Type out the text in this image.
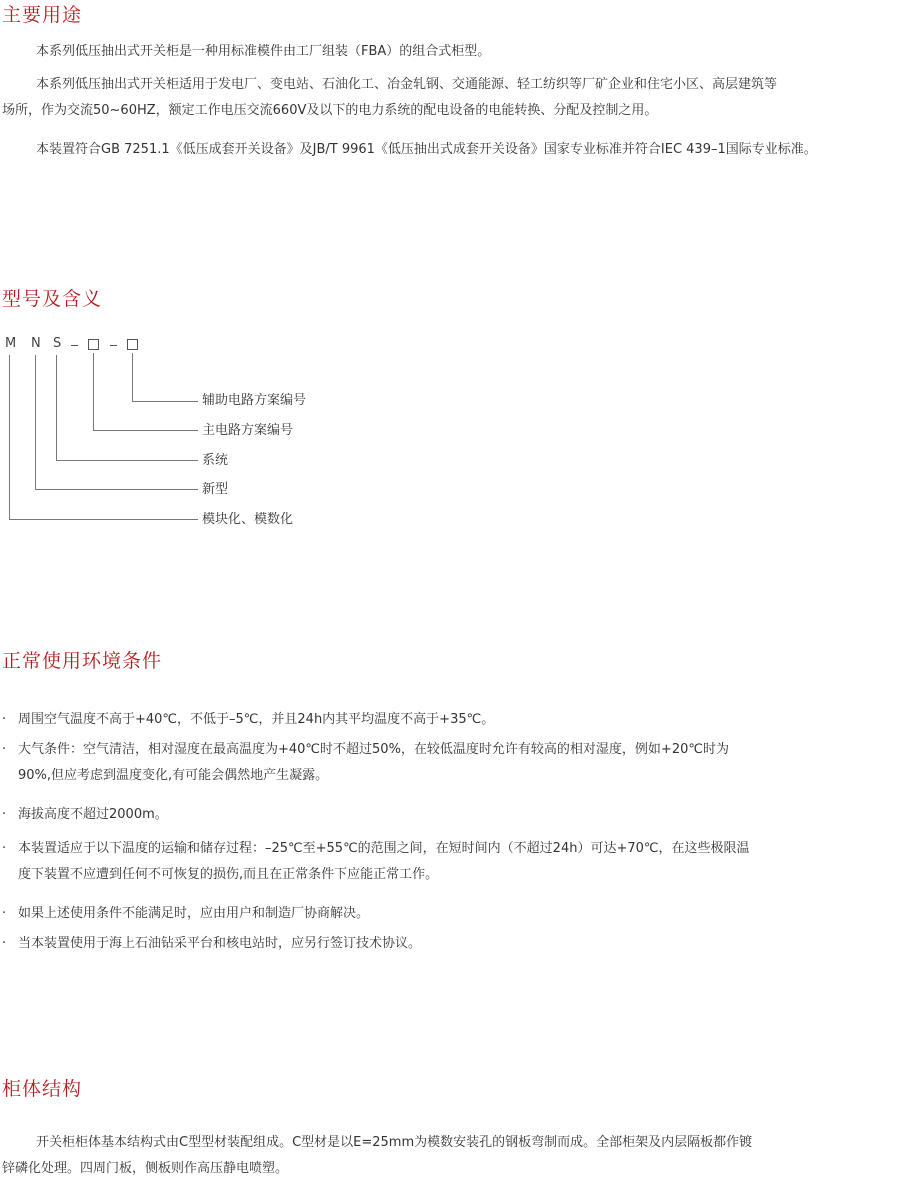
主要用途

本系列低压抽出式开关柜是一种用标准模件由工厂组装（FBA）的组合式柜型。

本系列低压抽出式开关柜适用于发电厂、变电站、石油化工、冶金轧钢、交通能源、轻工纺织等厂矿企业和住宅小区、高层建筑等
场所，作为交流50~60HZ，额定工作电压交流660V及以下的电力系统的配电设备的电能转换、分配及控制之用。

本装置符合GB 7251.1《低压成套开关设备》及JB/T 9961《低压抽出式成套开关设备》国家专业标准并符合IEC 439–1国际专业标准。

型号及含义
M N S
辅助电路方案编号
主电路方案编号
系统
新型
模块化、模数化
正常使用环境条件
· 周围空气温度不高于+40℃，不低于–5℃，并且24h内其平均温度不高于+35℃。
· 大气条件：空气清洁，相对湿度在最高温度为+40℃时不超过50%，在较低温度时允许有较高的相对湿度，例如+20℃时为
90%,但应考虑到温度变化,有可能会偶然地产生凝露。
· 海拔高度不超过2000m。
· 本装置适应于以下温度的运输和储存过程：–25℃至+55℃的范围之间，在短时间内（不超过24h）可达+70℃，在这些极限温
度下装置不应遭到任何不可恢复的损伤,而且在正常条件下应能正常工作。
· 如果上述使用条件不能满足时，应由用户和制造厂协商解决。
· 当本装置使用于海上石油钻采平台和核电站时，应另行签订技术协议。
柜体结构
开关柜柜体基本结构式由C型型材装配组成。C型材是以E=25mm为模数安装孔的钢板弯制而成。全部柜架及内层隔板都作镀
锌磷化处理。四周门板，侧板则作高压静电喷塑。
